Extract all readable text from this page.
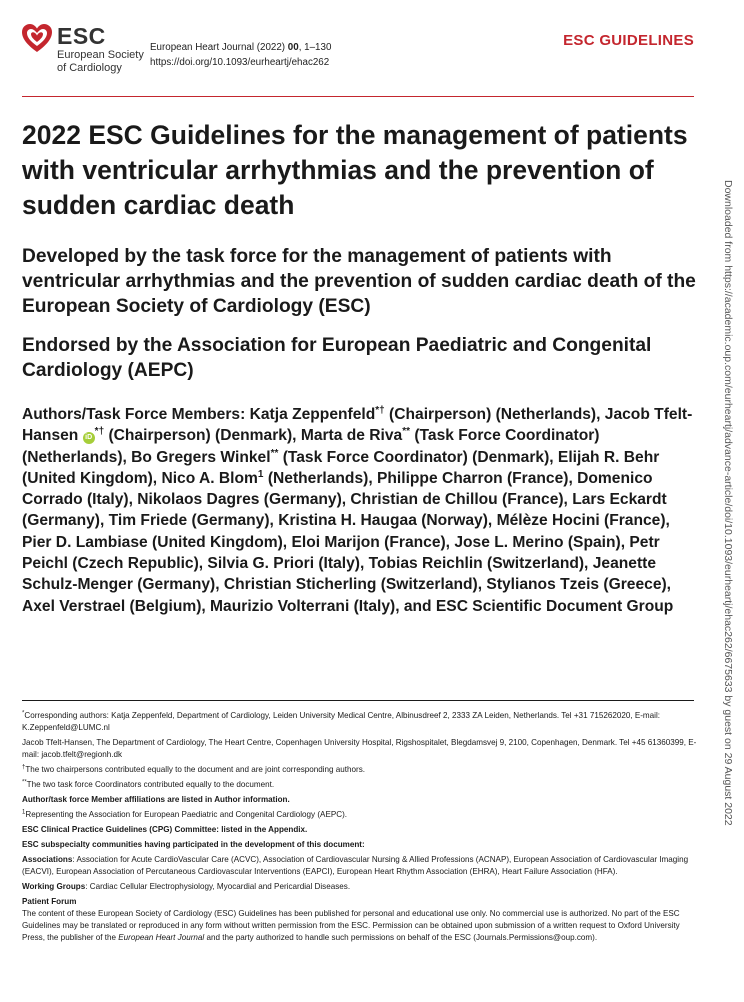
ESC
European Society
of Cardiology
European Heart Journal (2022) 00, 1–130
https://doi.org/10.1093/eurheartj/ehac262
ESC GUIDELINES
2022 ESC Guidelines for the management of patients with ventricular arrhythmias and the prevention of sudden cardiac death
Developed by the task force for the management of patients with ventricular arrhythmias and the prevention of sudden cardiac death of the European Society of Cardiology (ESC)
Endorsed by the Association for European Paediatric and Congenital Cardiology (AEPC)

Authors/Task Force Members: Katja Zeppenfeld*† (Chairperson) (Netherlands), Jacob Tfelt-Hansen iD*† (Chairperson) (Denmark), Marta de Riva** (Task Force Coordinator) (Netherlands), Bo Gregers Winkel** (Task Force Coordinator) (Denmark), Elijah R. Behr (United Kingdom), Nico A. Blom$^1$ (Netherlands), Philippe Charron (France), Domenico Corrado (Italy), Nikolaos Dagres (Germany), Christian de Chillou (France), Lars Eckardt (Germany), Tim Friede (Germany), Kristina H. Haugaa (Norway), Mélèze Hocini (France), Pier D. Lambiase (United Kingdom), Eloi Marijon (France), Jose L. Merino (Spain), Petr Peichl (Czech Republic), Silvia G. Priori (Italy), Tobias Reichlin (Switzerland), Jeanette Schulz-Menger (Germany), Christian Sticherling (Switzerland), Stylianos Tzeis (Greece), Axel Verstrael (Belgium), Maurizio Volterrani (Italy), and ESC Scientific Document Group

*Corresponding authors: Katja Zeppenfeld, Department of Cardiology, Leiden University Medical Centre, Albinusdreef 2, 2333 ZA Leiden, Netherlands. Tel +31 715262020, E-mail: K.Zeppenfeld@LUMC.nl

Jacob Tfelt-Hansen, The Department of Cardiology, The Heart Centre, Copenhagen University Hospital, Rigshospitalet, Blegdamsvej 9, 2100, Copenhagen, Denmark. Tel +45 61360399, E-mail: jacob.tfelt@regionh.dk

†The two chairpersons contributed equally to the document and are joint corresponding authors.

**The two task force Coordinators contributed equally to the document.

Author/task force Member affiliations are listed in Author information.

$^1$Representing the Association for European Paediatric and Congenital Cardiology (AEPC).

ESC Clinical Practice Guidelines (CPG) Committee: listed in the Appendix.

ESC subspecialty communities having participated in the development of this document:

Associations: Association for Acute CardioVascular Care (ACVC), Association of Cardiovascular Nursing & Allied Professions (ACNAP), European Association of Cardiovascular Imaging (EACVI), European Association of Percutaneous Cardiovascular Interventions (EAPCI), European Heart Rhythm Association (EHRA), Heart Failure Association (HFA).

Working Groups: Cardiac Cellular Electrophysiology, Myocardial and Pericardial Diseases.

Patient Forum

The content of these European Society of Cardiology (ESC) Guidelines has been published for personal and educational use only. No commercial use is authorized. No part of the ESC Guidelines may be translated or reproduced in any form without written permission from the ESC. Permission can be obtained upon submission of a written request to Oxford University Press, the publisher of the European Heart Journal and the party authorized to handle such permissions on behalf of the ESC (Journals.Permissions@oup.com).

Downloaded from https://academic.oup.com/eurheartj/advance-article/doi/10.1093/eurheartj/ehac262/6675633 by guest on 29 August 2022
